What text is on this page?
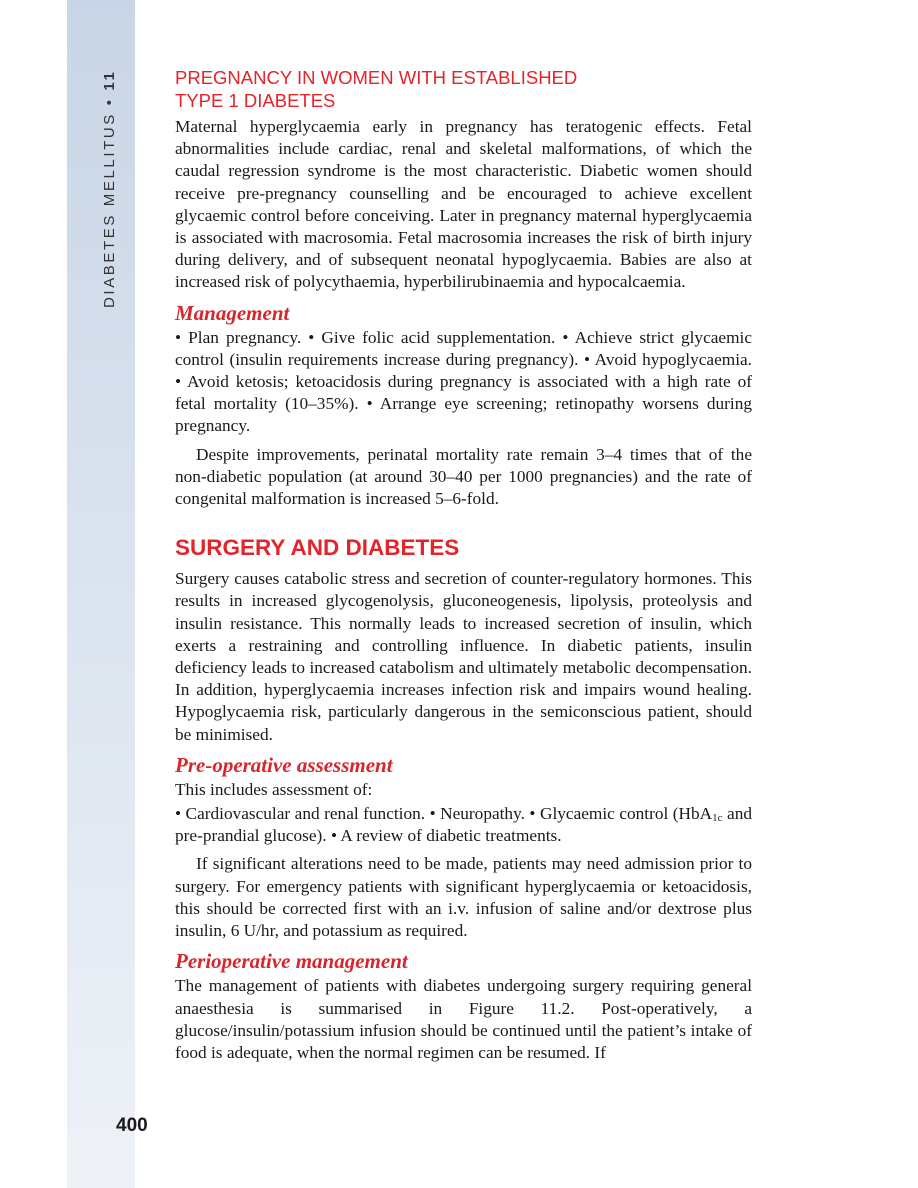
DIABETES MELLITUS • 11
400
PREGNANCY IN WOMEN WITH ESTABLISHED
TYPE 1 DIABETES

Maternal hyperglycaemia early in pregnancy has teratogenic effects. Fetal abnormalities include cardiac, renal and skeletal malformations, of which the caudal regression syndrome is the most characteristic. Diabetic women should receive pre-pregnancy counselling and be encouraged to achieve excellent glycaemic control before conceiving. Later in pregnancy maternal hyperglycaemia is associated with macrosomia. Fetal macrosomia increases the risk of birth injury during delivery, and of subsequent neonatal hypoglycaemia. Babies are also at increased risk of polycythaemia, hyperbilirubinaemia and hypocalcaemia.

Management

• Plan pregnancy. • Give folic acid supplementation. • Achieve strict glycaemic control (insulin requirements increase during pregnancy). • Avoid hypoglycaemia. • Avoid ketosis; ketoacidosis during pregnancy is associated with a high rate of fetal mortality (10–35%). • Arrange eye screening; retinopathy worsens during pregnancy.

Despite improvements, perinatal mortality rate remain 3–4 times that of the non-diabetic population (at around 30–40 per 1000 pregnancies) and the rate of congenital malformation is increased 5–6-fold.

SURGERY AND DIABETES

Surgery causes catabolic stress and secretion of counter-regulatory hormones. This results in increased glycogenolysis, gluconeogenesis, lipolysis, proteolysis and insulin resistance. This normally leads to increased secretion of insulin, which exerts a restraining and controlling influence. In diabetic patients, insulin deficiency leads to increased catabolism and ultimately metabolic decompensation. In addition, hyperglycaemia increases infection risk and impairs wound healing. Hypoglycaemia risk, particularly dangerous in the semiconscious patient, should be minimised.

Pre-operative assessment

This includes assessment of:

• Cardiovascular and renal function. • Neuropathy. • Glycaemic control (HbA$_{1c}$ and pre-prandial glucose). • A review of diabetic treatments.

If significant alterations need to be made, patients may need admission prior to surgery. For emergency patients with significant hyperglycaemia or ketoacidosis, this should be corrected first with an i.v. infusion of saline and/or dextrose plus insulin, 6 U/hr, and potassium as required.

Perioperative management

The management of patients with diabetes undergoing surgery requiring general anaesthesia is summarised in Figure 11.2. Post-operatively, a glucose/insulin/potassium infusion should be continued until the patient’s intake of food is adequate, when the normal regimen can be resumed. If
